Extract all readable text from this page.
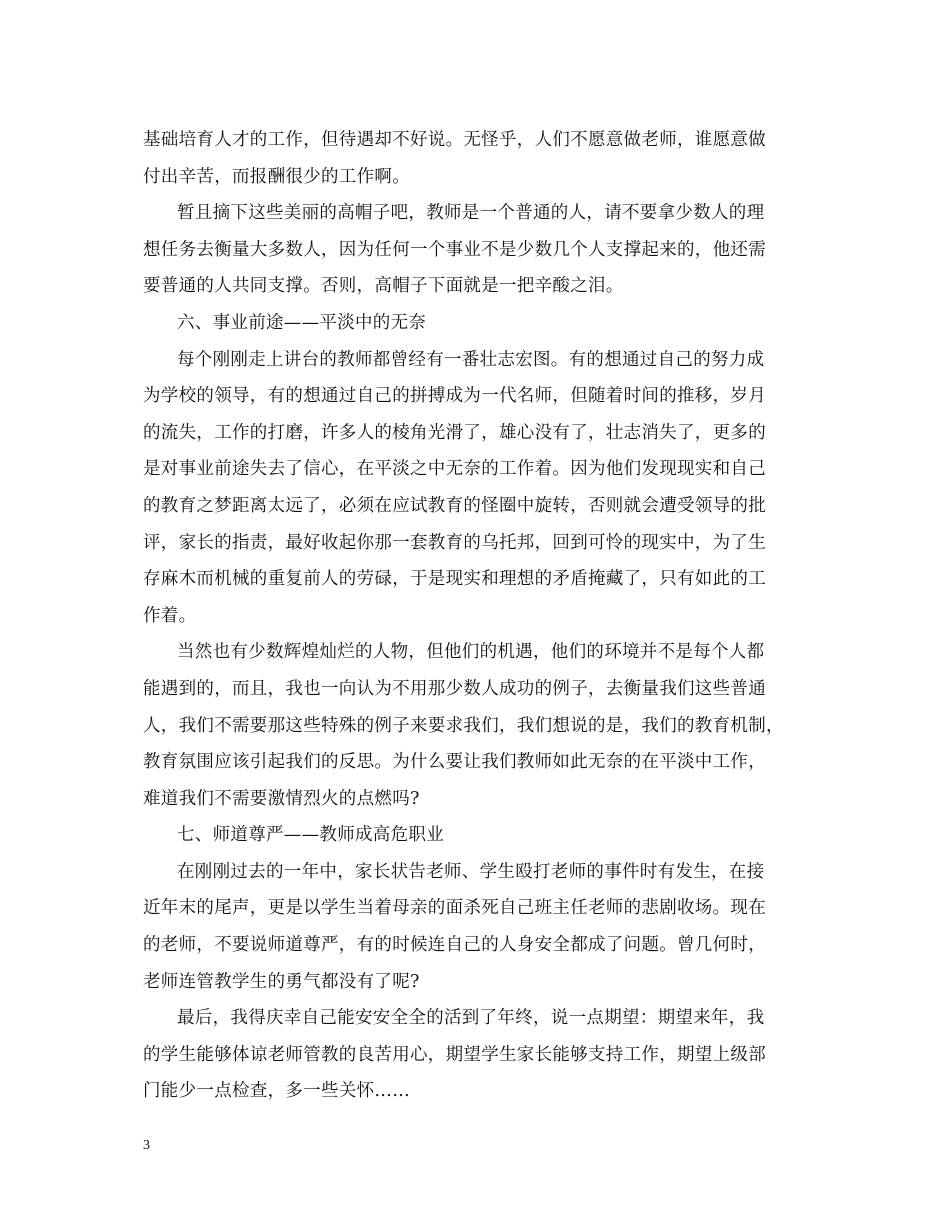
基础培育人才的工作，但待遇却不好说。无怪乎，人们不愿意做老师，谁愿意做
付出辛苦，而报酬很少的工作啊。
暂且摘下这些美丽的高帽子吧，教师是一个普通的人，请不要拿少数人的理
想任务去衡量大多数人，因为任何一个事业不是少数几个人支撑起来的，他还需
要普通的人共同支撑。否则，高帽子下面就是一把辛酸之泪。
六、事业前途——平淡中的无奈
每个刚刚走上讲台的教师都曾经有一番壮志宏图。有的想通过自己的努力成
为学校的领导，有的想通过自己的拼搏成为一代名师，但随着时间的推移，岁月
的流失，工作的打磨，许多人的棱角光滑了，雄心没有了，壮志消失了，更多的
是对事业前途失去了信心，在平淡之中无奈的工作着。因为他们发现现实和自己
的教育之梦距离太远了，必须在应试教育的怪圈中旋转，否则就会遭受领导的批
评，家长的指责，最好收起你那一套教育的乌托邦，回到可怜的现实中，为了生
存麻木而机械的重复前人的劳碌，于是现实和理想的矛盾掩藏了，只有如此的工
作着。
当然也有少数辉煌灿烂的人物，但他们的机遇，他们的环境并不是每个人都
能遇到的，而且，我也一向认为不用那少数人成功的例子，去衡量我们这些普通
人，我们不需要那这些特殊的例子来要求我们，我们想说的是，我们的教育机制，
教育氛围应该引起我们的反思。为什么要让我们教师如此无奈的在平淡中工作，
难道我们不需要激情烈火的点燃吗?
七、师道尊严——教师成高危职业
在刚刚过去的一年中，家长状告老师、学生殴打老师的事件时有发生，在接
近年末的尾声，更是以学生当着母亲的面杀死自己班主任老师的悲剧收场。现在
的老师，不要说师道尊严，有的时候连自己的人身安全都成了问题。曾几何时，
老师连管教学生的勇气都没有了呢?
最后，我得庆幸自己能安安全全的活到了年终，说一点期望：期望来年，我
的学生能够体谅老师管教的良苦用心，期望学生家长能够支持工作，期望上级部
门能少一点检查，多一些关怀……
3
